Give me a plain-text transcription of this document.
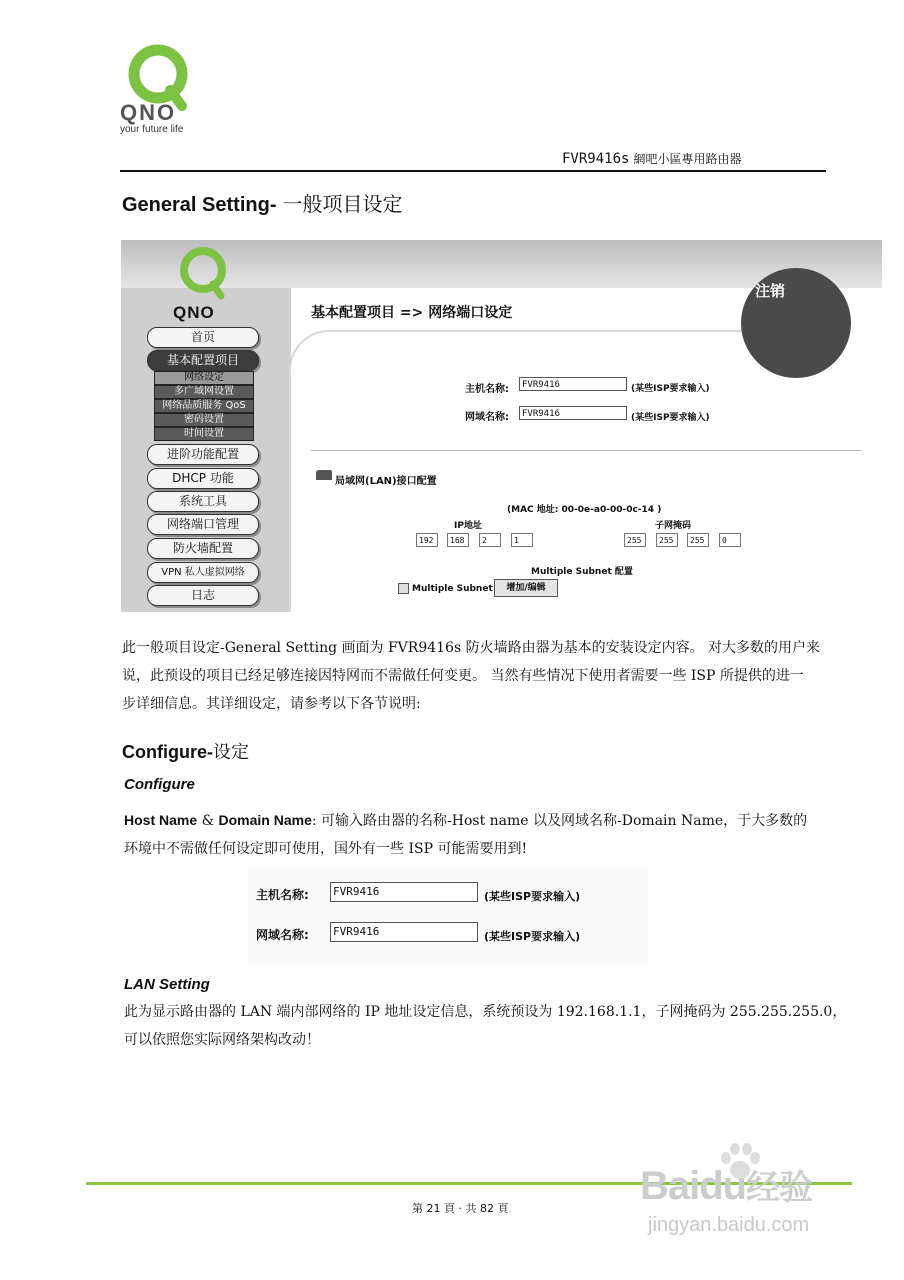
QNO
your future life
FVR9416s 網吧小區專用路由器
General Setting- 一般项目设定
QNO
注销
基本配置项目 => 网络端口设定
首页
基本配置项目
网络设定
多广域网设置
网络品质服务 QoS
密码设置
时间设置
进阶功能配置
DHCP 功能
系统工具
网络端口管理
防火墙配置
VPN 私人虚拟网络
日志
主机名称:	FVR9416	(某些ISP要求输入)
网域名称:	FVR9416	(某些ISP要求输入)
局域网(LAN)接口配置
(MAC 地址: 00-0e-a0-00-0c-14 )
IP地址	子网掩码
192	168	2	1	255	255	255	0
Multiple Subnet 配置
Multiple Subnet	增加/编辑
此一般项目设定-General Setting 画面为 FVR9416s 防火墙路由器为基本的安装设定内容。 对大多数的用户来
说，此预设的项目已经足够连接因特网而不需做任何变更。 当然有些情况下使用者需要一些 ISP 所提供的进一
步详细信息。其详细设定，请参考以下各节说明:
Configure-设定
Configure
Host Name & Domain Name: 可输入路由器的名称-Host name 以及网域名称-Domain Name，于大多数的
环境中不需做任何设定即可使用，国外有一些 ISP 可能需要用到!
主机名称: FVR9416	(某些ISP要求输入)
网域名称: FVR9416	(某些ISP要求输入)
LAN Setting
此为显示路由器的 LAN 端内部网络的 IP 地址设定信息，系统预设为 192.168.1.1，子网掩码为 255.255.255.0，
可以依照您实际网络架构改动！
第 21 頁 · 共 82 頁
Baidu经验
jingyan.baidu.com
